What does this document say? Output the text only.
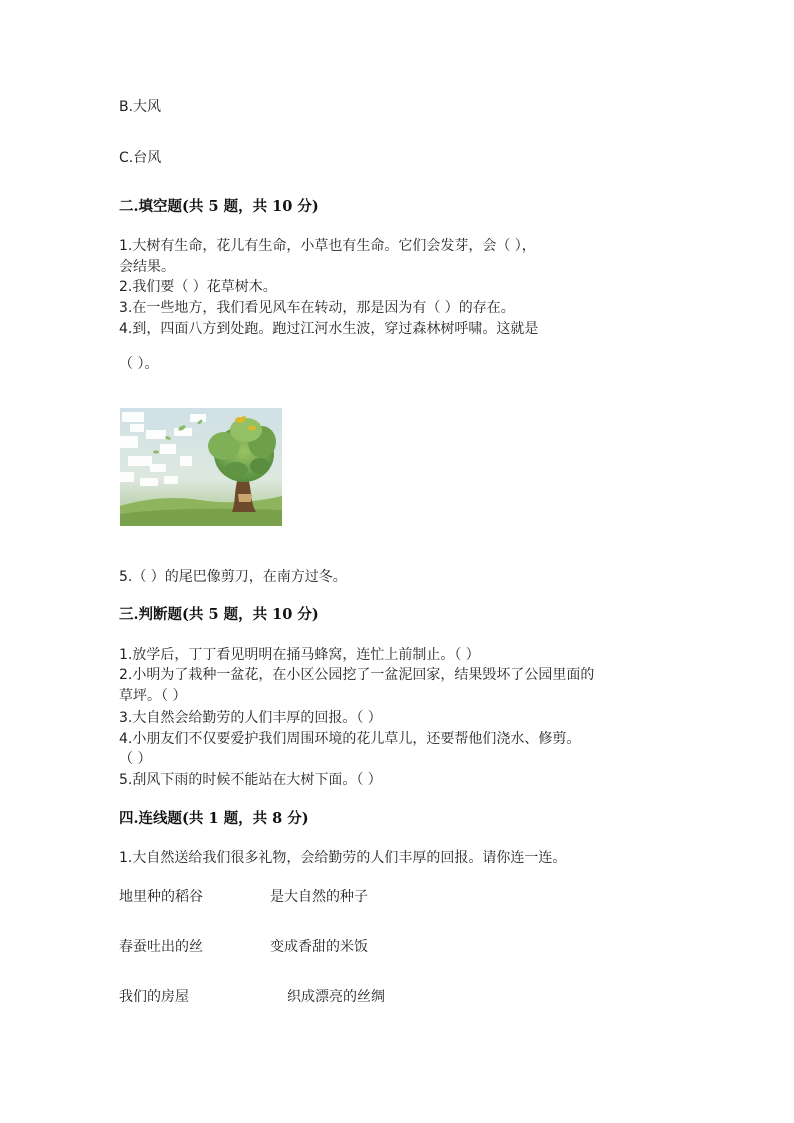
B.大风
C.台风
二.填空题(共 5 题，共 10 分)
1.大树有生命，花儿有生命，小草也有生命。它们会发芽，会（ ），
会结果。
2.我们要（ ）花草树木。
3.在一些地方，我们看见风车在转动，那是因为有（ ）的存在。
4.到，四面八方到处跑。跑过江河水生波，穿过森林树呼啸。这就是
（ ）。
5.（ ）的尾巴像剪刀，在南方过冬。
三.判断题(共 5 题，共 10 分)
1.放学后，丁丁看见明明在捅马蜂窝，连忙上前制止。（ ）
2.小明为了栽种一盆花，在小区公园挖了一盆泥回家，结果毁坏了公园里面的
草坪。（ ）
3.大自然会给勤劳的人们丰厚的回报。（ ）
4.小朋友们不仅要爱护我们周围环境的花儿草儿，还要帮他们浇水、修剪。
（ ）
5.刮风下雨的时候不能站在大树下面。（ ）
四.连线题(共 1 题，共 8 分)
1.大自然送给我们很多礼物，会给勤劳的人们丰厚的回报。请你连一连。
地里种的稻谷	是大自然的种子
春蚕吐出的丝	变成香甜的米饭
我们的房屋	织成漂亮的丝绸
